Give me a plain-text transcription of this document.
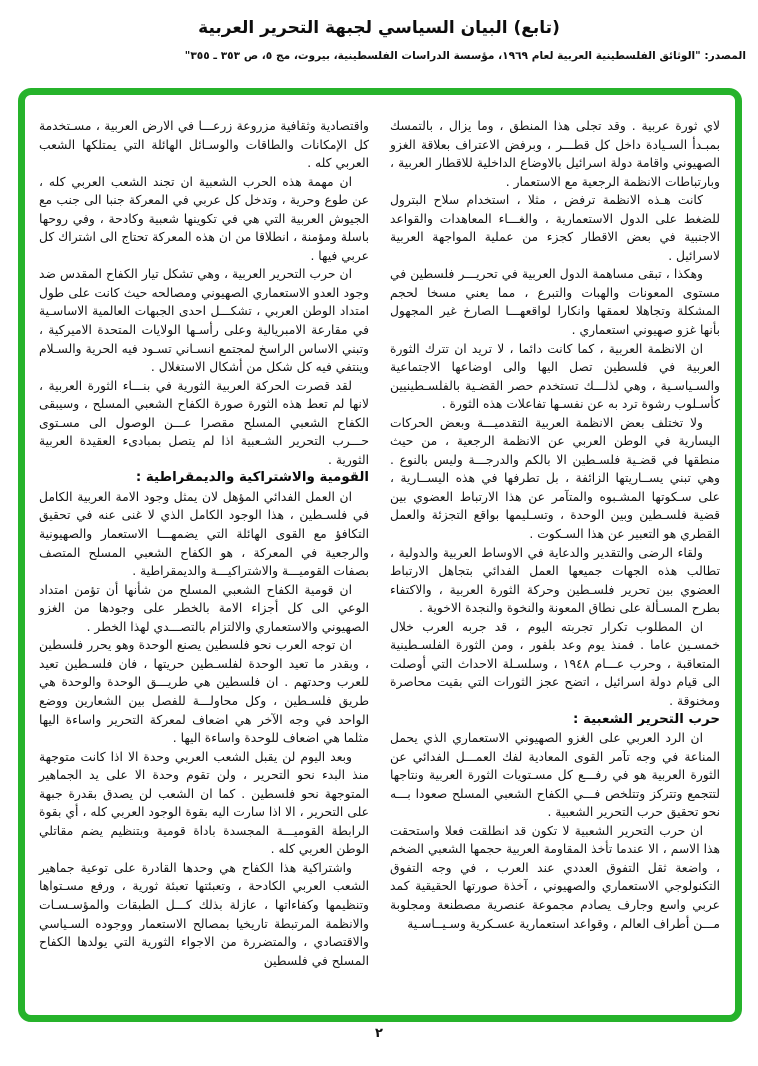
(تابع) البيان السياسي لجبهة التحرير العربية
المصدر: "الوثائق الفلسطينية العربية لعام ١٩٦٩، مؤسسة الدراسات الفلسطينية، بيروت، مج ٥، ص ٣٥٣ ـ ٣٥٥"

لاي ثورة عربية . وقد تجلى هذا المنطق ، وما يزال ، بالتمسك بمبـدأ السـيادة داخل كل قطـــر ، وبرفض الاعتراف بعلاقة الغزو الصهيوني واقامة دولة اسرائيل بالاوضاع الداخلية للاقطار العربية ، وبارتباطات الانظمة الرجعية مع الاستعمار .

كانت هـذه الانظمة ترفض ، مثلا ، استخدام سلاح البترول للضغط على الدول الاستعمارية ، والغـــاء المعاهدات والقواعد الاجنبية في بعض الاقطار كجزء من عملية المواجهة العربية لاسرائيل .

وهكذا ، تبقى مساهمة الدول العربية في تحريـــر فلسطين في مستوى المعونات والهبات والتبرع ، مما يعني مسخا لحجم المشكلة وتجاهلا لعمقها وانكارا لواقعهـــا الصارخ غير المجهول بأنها غزو صهيوني استعماري .

ان الانظمة العربية ، كما كانت دائما ، لا تريد ان تترك الثورة العربية في فلسطين تصل اليها والى اوضاعها الاجتماعية والسـياسـية ، وهي لذلـــك تستخدم حصر القضـية بالفلسـطينيين كأسـلوب رشوة ترد به عن نفسـها تفاعلات هذه الثورة .

ولا تختلف بعض الانظمة العربية التقدميـــة وبعض الحركات اليسارية في الوطن العربي عن الانظمة الرجعية ، من حيث منطقها في قضـية فلسـطين الا بالكم والدرجـــة وليس بالنوع . وهي تبني يســاريتها الزائفة ، بل تطرفها في هذه اليســارية ، على سـكوتها المشـبوه والمتآمر عن هذا الارتباط العضوي بين قضية فلسـطين وبين الوحدة ، وتسـليمها بواقع التجزئة والعمل القطري هو التعبير عن هذا السـكوت .

ولقاء الرضى والتقدير والدعاية في الاوساط العربية والدولية ، تطالب هذه الجهات جميعها العمل الفدائي بتجاهل الارتباط العضوي بين تحرير فلسـطين وحركة الثورة العربية ، والاكتفاء بطرح المسـألة على نطاق المعونة والنخوة والنجدة الاخوية .

ان المطلوب تكرار تجربته اليوم ، قد جربه العرب خلال خمسـين عاما . فمنذ يوم وعد بلفور ، ومن الثورة الفلسـطينية المتعاقبة ، وحرب عـــام ١٩٤٨ ، وسلسـلة الاحداث التي أوصلت الى قيام دولة اسرائيل ، اتضح عجز الثورات التي بقيت محاصرة ومخنوقة .

حرب التحرير الشعبية :

ان الرد العربي على الغزو الصهيوني الاستعماري الذي يحمل المناعة في وجه تآمر القوى المعادية لفك العمـــل الفدائي عن الثورة العربية هو في رفـــع كل مسـتويات الثورة العربية ونتاجها لتتجمع وتتركز وتتلخص فـــي الكفاح الشعبي المسلح صعودا بـــه نحو تحقيق حرب التحرير الشعبية .

ان حرب التحرير الشعبية لا تكون قد انطلقت فعلا واستحقت هذا الاسم ، الا عندما تأخذ المقاومة العربية حجمها الشعبي الضخم ، واضعة ثقل التفوق العددي عند العرب ، في وجه التفوق التكنولوجي الاستعماري والصهيوني ، آخذة صورتها الحقيقية كمد عربي واسع وجارف يصادم مجموعة عنصرية مصطنعة ومجلوبة مـــن أطراف العالم ، وقواعد استعمارية عسـكرية وسـيــاسـية

واقتصادية وثقافية مزروعة زرعـــا في الارض العربية ، مسـتخدمة كل الإمكانات والطاقات والوسـائل الهائلة التي يمتلكها الشعب العربي كله .

ان مهمة هذه الحرب الشعبية ان تجند الشعب العربي كله ، عن طوع وحرية ، وتدخل كل عربي في المعركة جنبا الى جنب مع الجيوش العربية التي هي في تكوينها شعبية وكادحة ، وفي روحها باسلة ومؤمنة ، انطلاقا من ان هذه المعركة تحتاج الى اشتراك كل عربي فيها .

ان حرب التحرير العربية ، وهي تشكل تيار الكفاح المقدس ضد وجود العدو الاستعماري الصهيوني ومصالحه حيث كانت على طول امتداد الوطن العربي ، تشكـــل احدى الجبهات العالمية الاساسـية في مقارعة الامبريالية وعلى رأسـها الولايات المتحدة الاميركية ، وتبني الاساس الراسخ لمجتمع انسـاني تسـود فيه الحرية والسـلام وينتفي فيه كل شكل من أشكال الاستغلال .

لقد قصرت الحركة العربية الثورية في بنـــاء الثورة العربية ، لانها لم تعط هذه الثورة صورة الكفاح الشعبي المسلح ، وسيبقى الكفاح الشعبي المسلح مقصرا عـــن الوصول الى مسـتوى حـــرب التحرير الشـعبية اذا لم يتصل بمبادىء العقيدة العربية الثورية .

القومية والاشتراكية والديمقراطية :

ان العمل الفدائي المؤهل لان يمثل وجود الامة العربية الكامل في فلسـطين ، هذا الوجود الكامل الذي لا غنى عنه في تحقيق التكافؤ مع القوى الهائلة التي يضمهـــا الاستعمار والصهيونية والرجعية في المعركة ، هو الكفاح الشعبي المسلح المتصف بصفات القوميـــة والاشتراكيـــة والديمقراطية .

ان قومية الكفاح الشعبي المسلح من شأنها أن تؤمن امتداد الوعي الى كل أجزاء الامة بالخطر على وجودها من الغزو الصهيوني والاستعماري والالتزام بالتصـــدي لهذا الخطر .

ان توجه العرب نحو فلسطين يصنع الوحدة وهو يحرر فلسطين ، وبقدر ما تعيد الوحدة لفلسـطين حريتها ، فان فلسـطين تعيد للعرب وحدتهم . ان فلسطين هي طريـــق الوحدة والوحدة هي طريق فلسـطين ، وكل محاولـــة للفصل بين الشعارين ووضع الواحد في وجه الآخر هي اضعاف لمعركة التحرير واساءة اليها مثلما هي اضعاف للوحدة واساءة اليها .

وبعد اليوم لن يقبل الشعب العربي وحدة الا اذا كانت متوجهة منذ البدء نحو التحرير ، ولن تقوم وحدة الا على يد الجماهير المتوجهة نحو فلسطين . كما ان الشعب لن يصدق بقدرة جبهة على التحرير ، الا اذا سارت اليه بقوة الوجود العربي كله ، أي بقوة الرابطة القوميـــة المجسدة باداة قومية وبتنظيم يضم مقاتلي الوطن العربي كله .

واشتراكية هذا الكفاح هي وحدها القادرة على توعية جماهير الشعب العربي الكادحة ، وتعبئتها تعبئة ثورية ، ورفع مسـتواها وتنظيمها وكفاءاتها ، عازلة بذلك كـــل الطبقات والمؤسـسـات والانظمة المرتبطة تاريخيا بمصالح الاستعمار ووجوده السـياسي والاقتصادي ، والمتضررة من الاجواء الثورية التي يولدها الكفاح المسلح في فلسطين

٢
